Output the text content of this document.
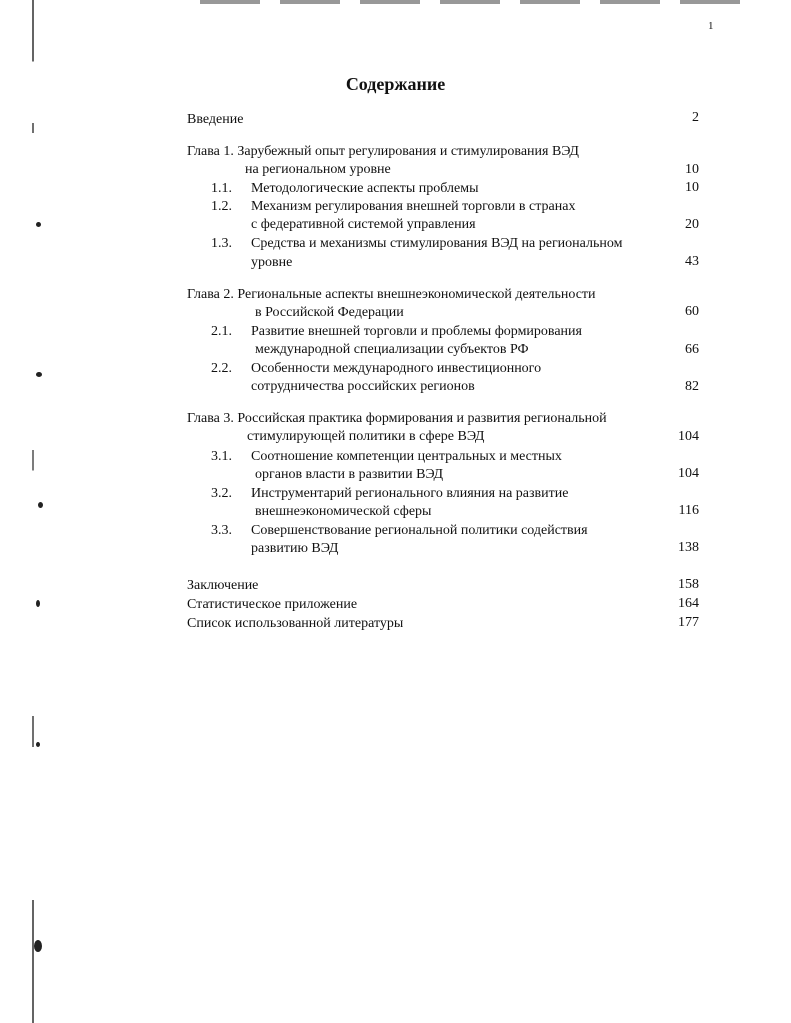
1
Содержание
Введение	2
Глава 1. Зарубежный опыт регулирования и стимулирования ВЭД
на региональном уровне	10
1.1. Методологические аспекты проблемы	10
1.2. Механизм регулирования внешней торговли в странах
с федеративной системой управления	20
1.3. Средства и механизмы стимулирования ВЭД на региональном
уровне	43
Глава 2. Региональные аспекты внешнеэкономической деятельности
в Российской Федерации	60
2.1. Развитие внешней торговли и проблемы формирования
международной специализации субъектов РФ	66
2.2. Особенности международного инвестиционного
сотрудничества российских регионов	82
Глава 3. Российская практика формирования и развития региональной
стимулирующей политики в сфере ВЭД	104
3.1. Соотношение компетенции центральных и местных
органов власти в развитии ВЭД	104
3.2. Инструментарий регионального влияния на развитие
внешнеэкономической сферы	116
3.3. Совершенствование региональной политики содействия
развитию ВЭД	138
Заключение	158
Статистическое приложение	164
Список использованной литературы	177
